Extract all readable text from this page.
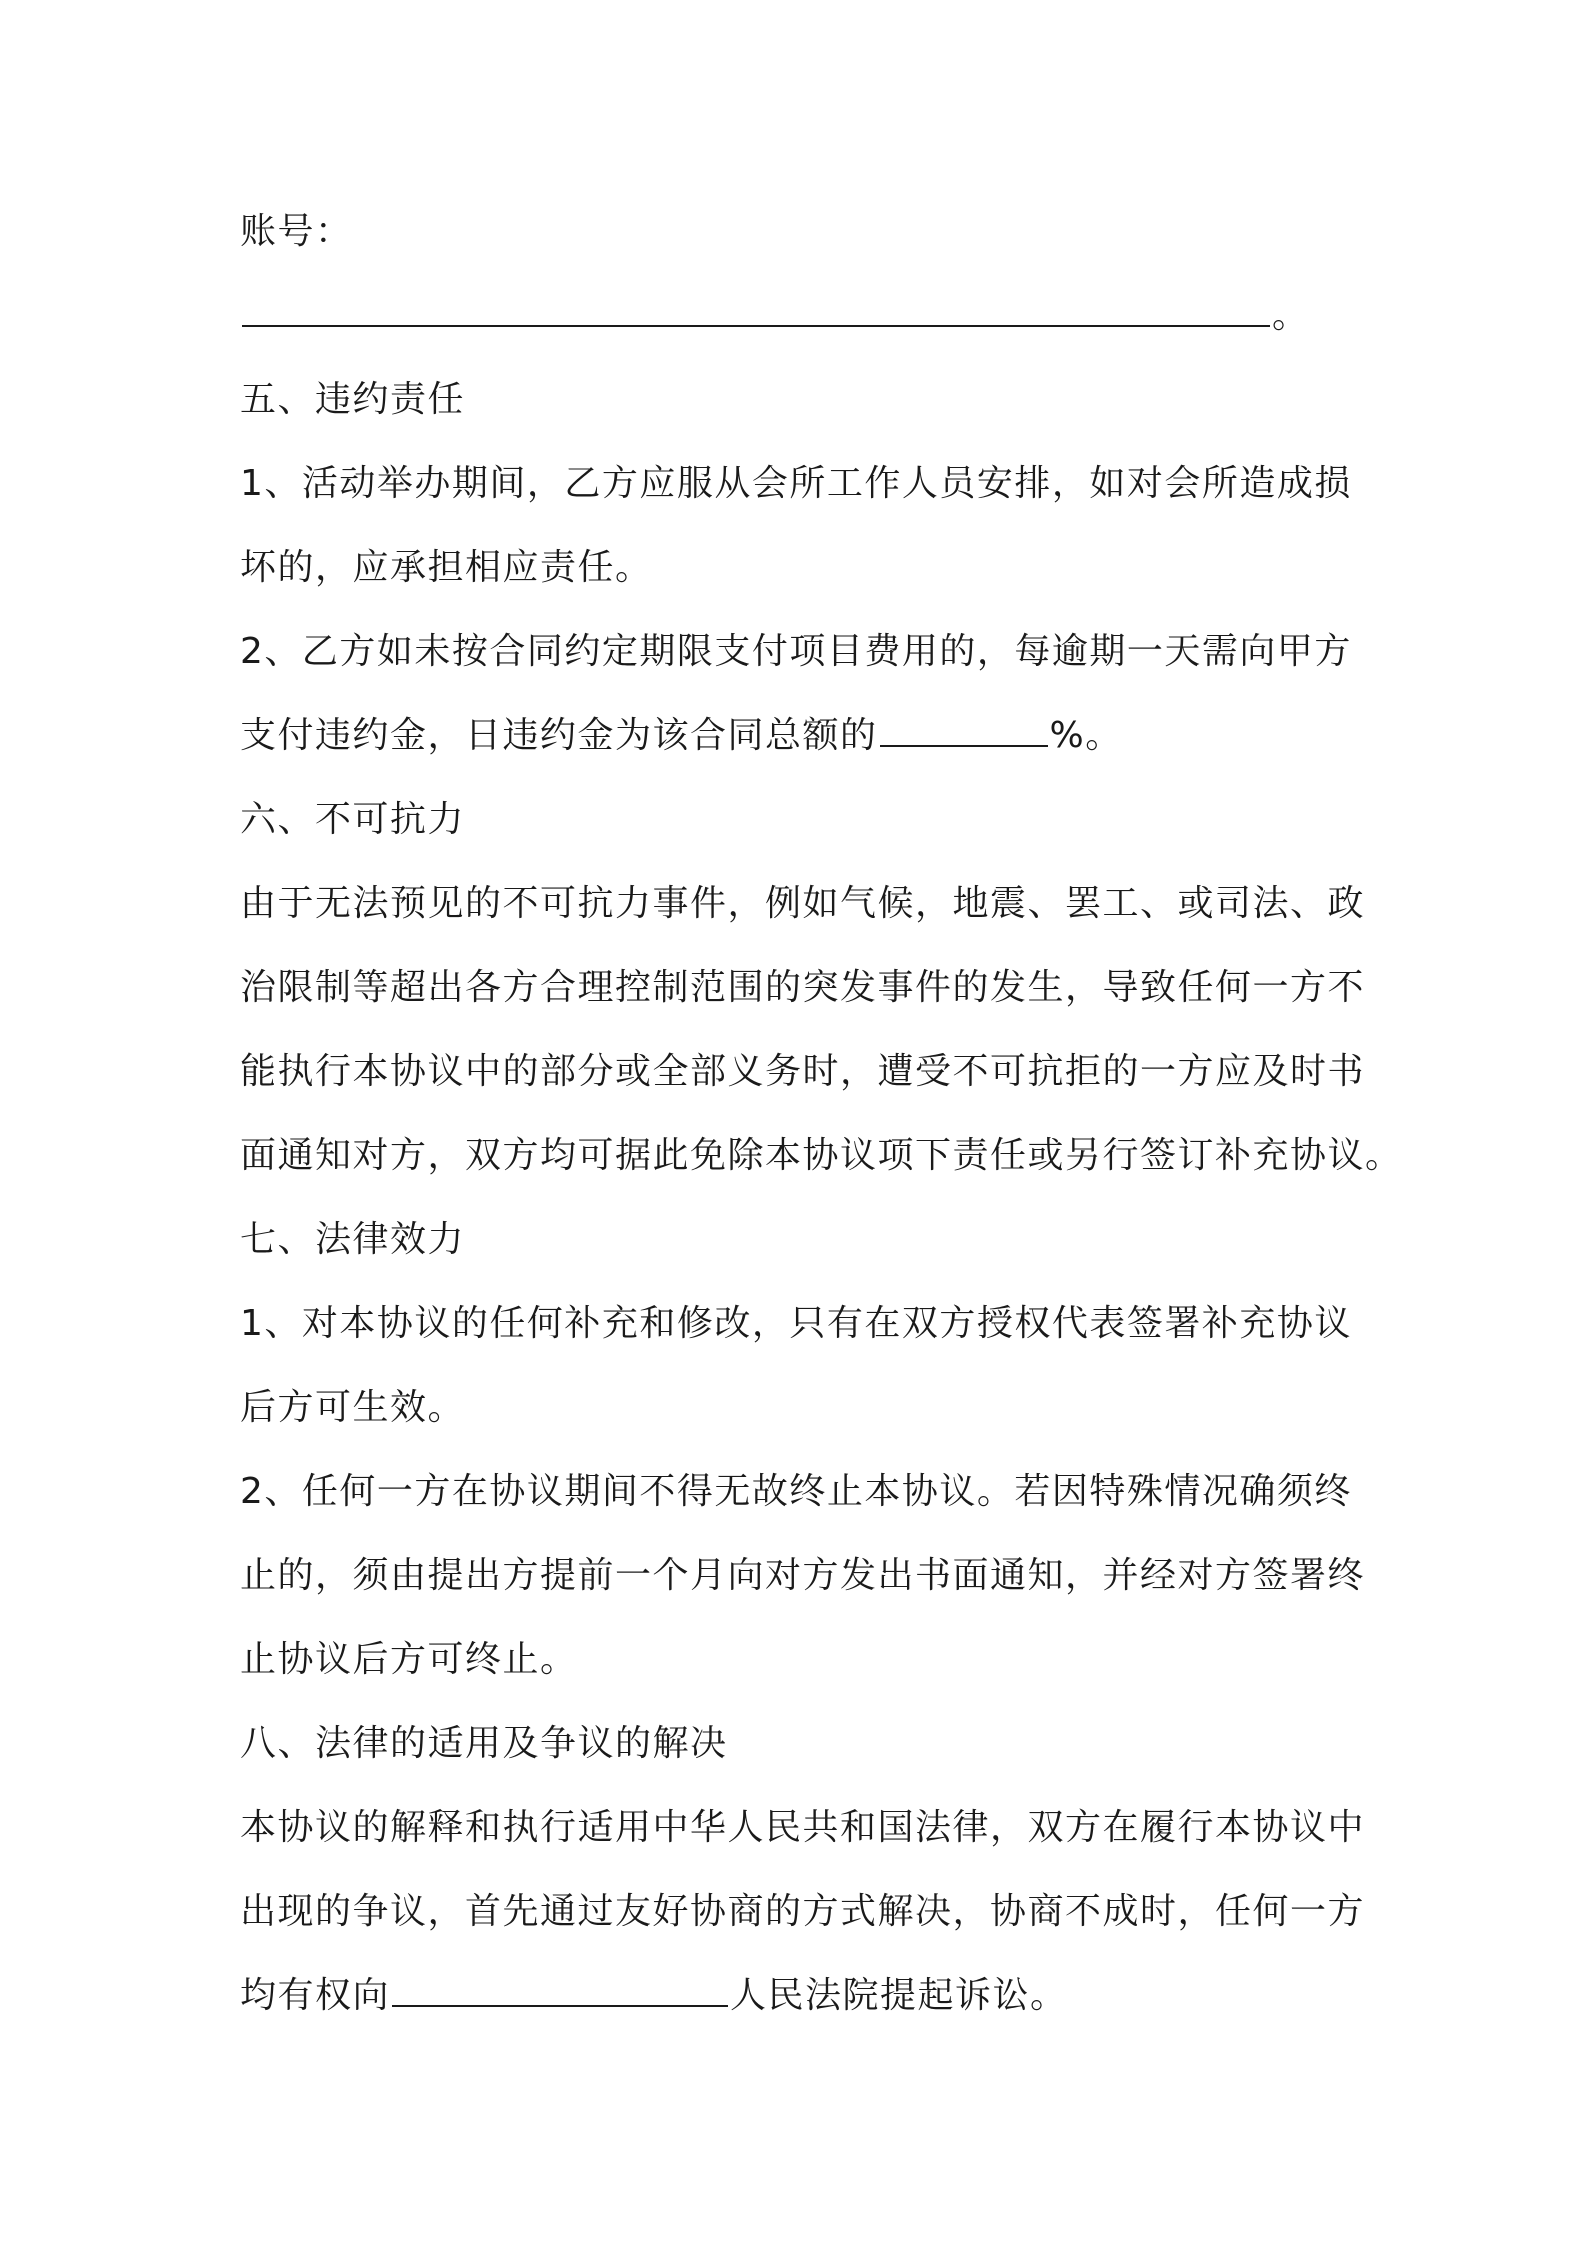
账号：
。
五、违约责任
1、活动举办期间，乙方应服从会所工作人员安排，如对会所造成损
坏的，应承担相应责任。
2、乙方如未按合同约定期限支付项目费用的，每逾期一天需向甲方
支付违约金，日违约金为该合同总额的	%。
六、不可抗力
由于无法预见的不可抗力事件，例如气候，地震、罢工、或司法、政
治限制等超出各方合理控制范围的突发事件的发生，导致任何一方不
能执行本协议中的部分或全部义务时，遭受不可抗拒的一方应及时书
面通知对方，双方均可据此免除本协议项下责任或另行签订补充协议。
七、法律效力
1、对本协议的任何补充和修改，只有在双方授权代表签署补充协议
后方可生效。
2、任何一方在协议期间不得无故终止本协议。若因特殊情况确须终
止的，须由提出方提前一个月向对方发出书面通知，并经对方签署终
止协议后方可终止。
八、法律的适用及争议的解决
本协议的解释和执行适用中华人民共和国法律，双方在履行本协议中
出现的争议，首先通过友好协商的方式解决，协商不成时，任何一方
均有权向	人民法院提起诉讼。
